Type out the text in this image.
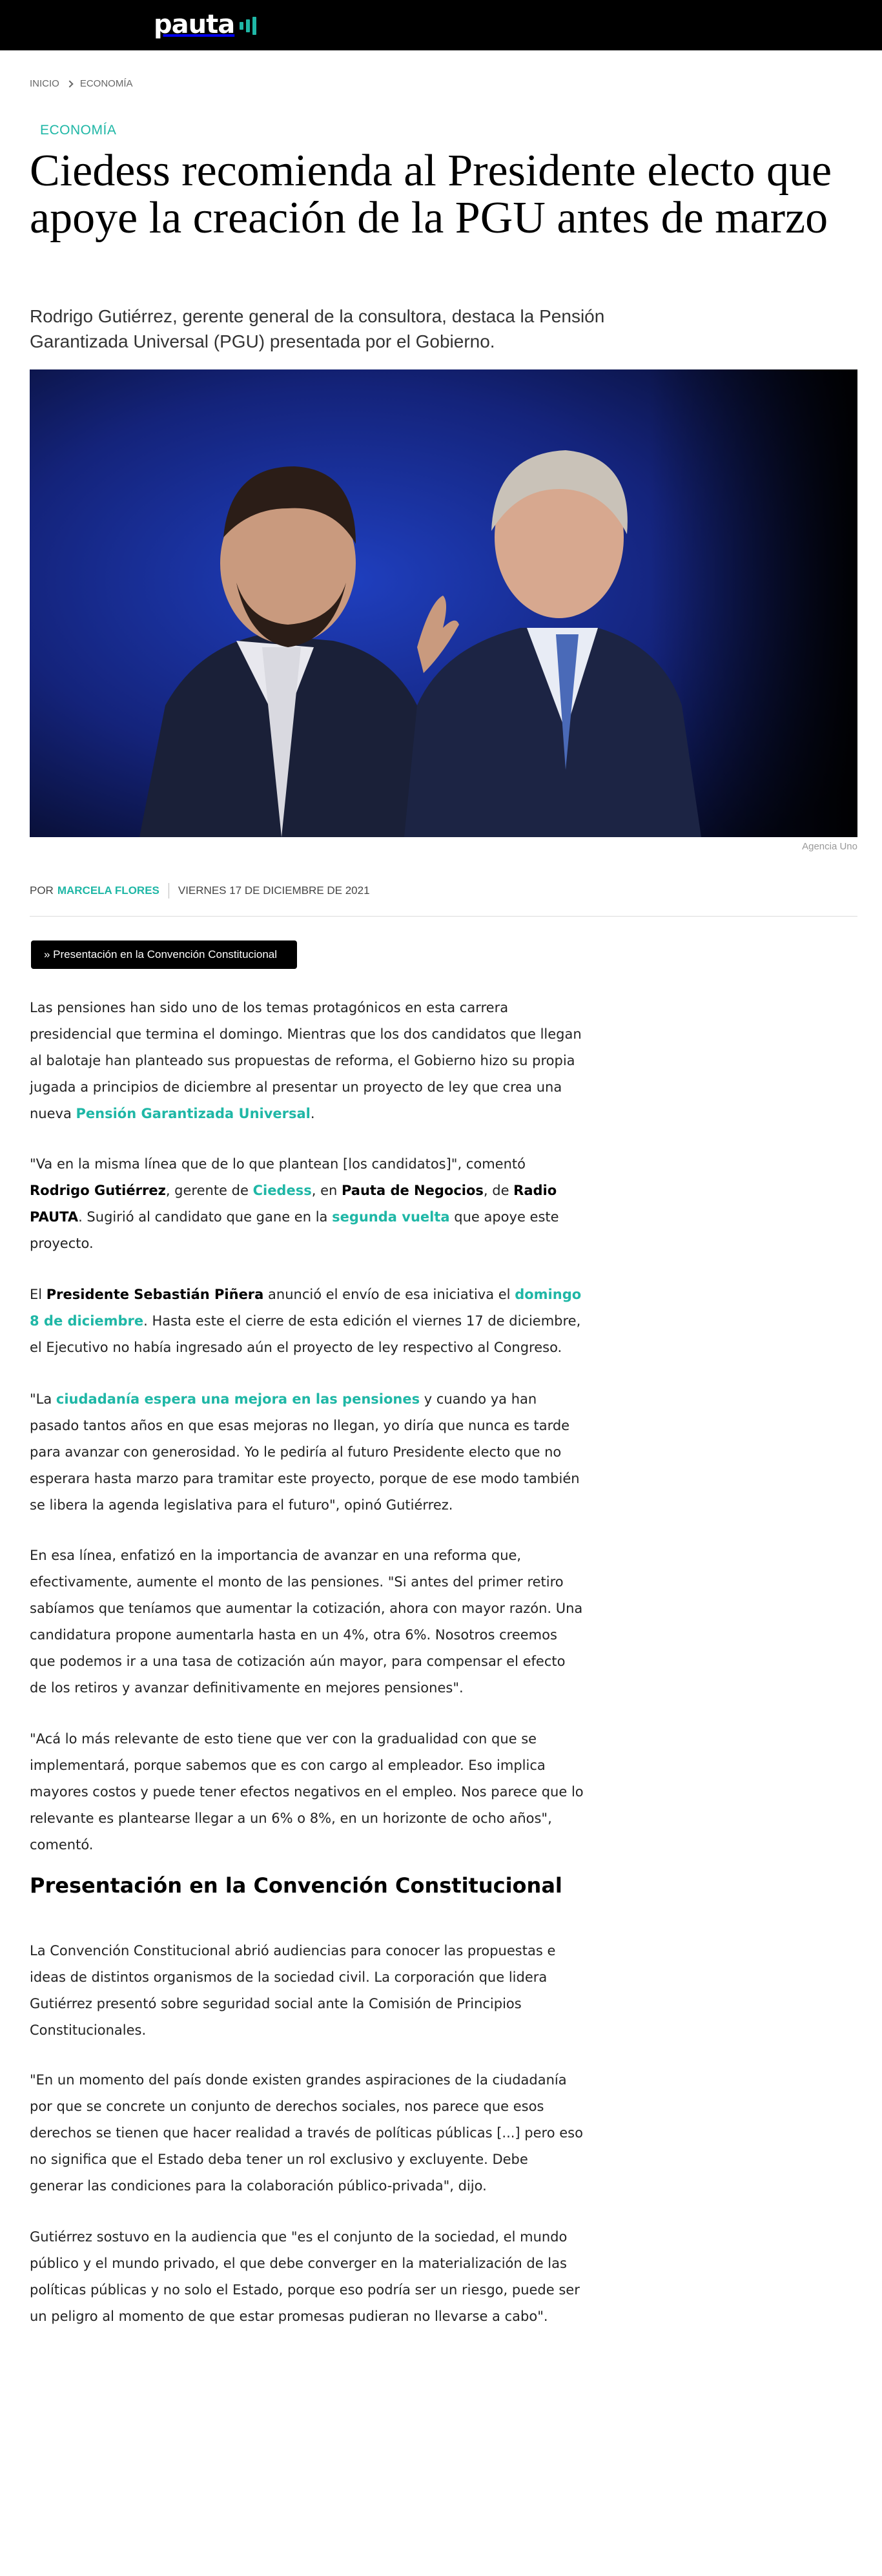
pauta
INICIO ECONOMÍA
ECONOMÍA
Ciedess recomienda al Presidente electo que apoye la creación de la PGU antes de marzo

Rodrigo Gutiérrez, gerente general de la consultora, destaca la Pensión Garantizada Universal (PGU) presentada por el Gobierno.

Agencia Uno
POR MARCELA FLORES VIERNES 17 DE DICIEMBRE DE 2021
» Presentación en la Convención Constitucional

Las pensiones han sido uno de los temas protagónicos en esta carrera presidencial que termina el domingo. Mientras que los dos candidatos que llegan al balotaje han planteado sus propuestas de reforma, el Gobierno hizo su propia jugada a principios de diciembre al presentar un proyecto de ley que crea una nueva Pensión Garantizada Universal.

"Va en la misma línea que de lo que plantean [los candidatos]", comentó Rodrigo Gutiérrez, gerente de Ciedess, en Pauta de Negocios, de Radio PAUTA. Sugirió al candidato que gane en la segunda vuelta que apoye este proyecto.

El Presidente Sebastián Piñera anunció el envío de esa iniciativa el domingo 8 de diciembre. Hasta este el cierre de esta edición el viernes 17 de diciembre, el Ejecutivo no había ingresado aún el proyecto de ley respectivo al Congreso.

"La ciudadanía espera una mejora en las pensiones y cuando ya han pasado tantos años en que esas mejoras no llegan, yo diría que nunca es tarde para avanzar con generosidad. Yo le pediría al futuro Presidente electo que no esperara hasta marzo para tramitar este proyecto, porque de ese modo también se libera la agenda legislativa para el futuro", opinó Gutiérrez.

En esa línea, enfatizó en la importancia de avanzar en una reforma que, efectivamente, aumente el monto de las pensiones. "Si antes del primer retiro sabíamos que teníamos que aumentar la cotización, ahora con mayor razón. Una candidatura propone aumentarla hasta en un 4%, otra 6%. Nosotros creemos que podemos ir a una tasa de cotización aún mayor, para compensar el efecto de los retiros y avanzar definitivamente en mejores pensiones".

"Acá lo más relevante de esto tiene que ver con la gradualidad con que se implementará, porque sabemos que es con cargo al empleador. Eso implica mayores costos y puede tener efectos negativos en el empleo. Nos parece que lo relevante es plantearse llegar a un 6% o 8%, en un horizonte de ocho años", comentó.

Presentación en la Convención Constitucional

La Convención Constitucional abrió audiencias para conocer las propuestas e ideas de distintos organismos de la sociedad civil. La corporación que lidera Gutiérrez presentó sobre seguridad social ante la Comisión de Principios Constitucionales.

"En un momento del país donde existen grandes aspiraciones de la ciudadanía por que se concrete un conjunto de derechos sociales, nos parece que esos derechos se tienen que hacer realidad a través de políticas públicas [...] pero eso no significa que el Estado deba tener un rol exclusivo y excluyente. Debe generar las condiciones para la colaboración público-privada", dijo.

Gutiérrez sostuvo en la audiencia que "es el conjunto de la sociedad, el mundo público y el mundo privado, el que debe converger en la materialización de las políticas públicas y no solo el Estado, porque eso podría ser un riesgo, puede ser un peligro al momento de que estar promesas pudieran no llevarse a cabo".
